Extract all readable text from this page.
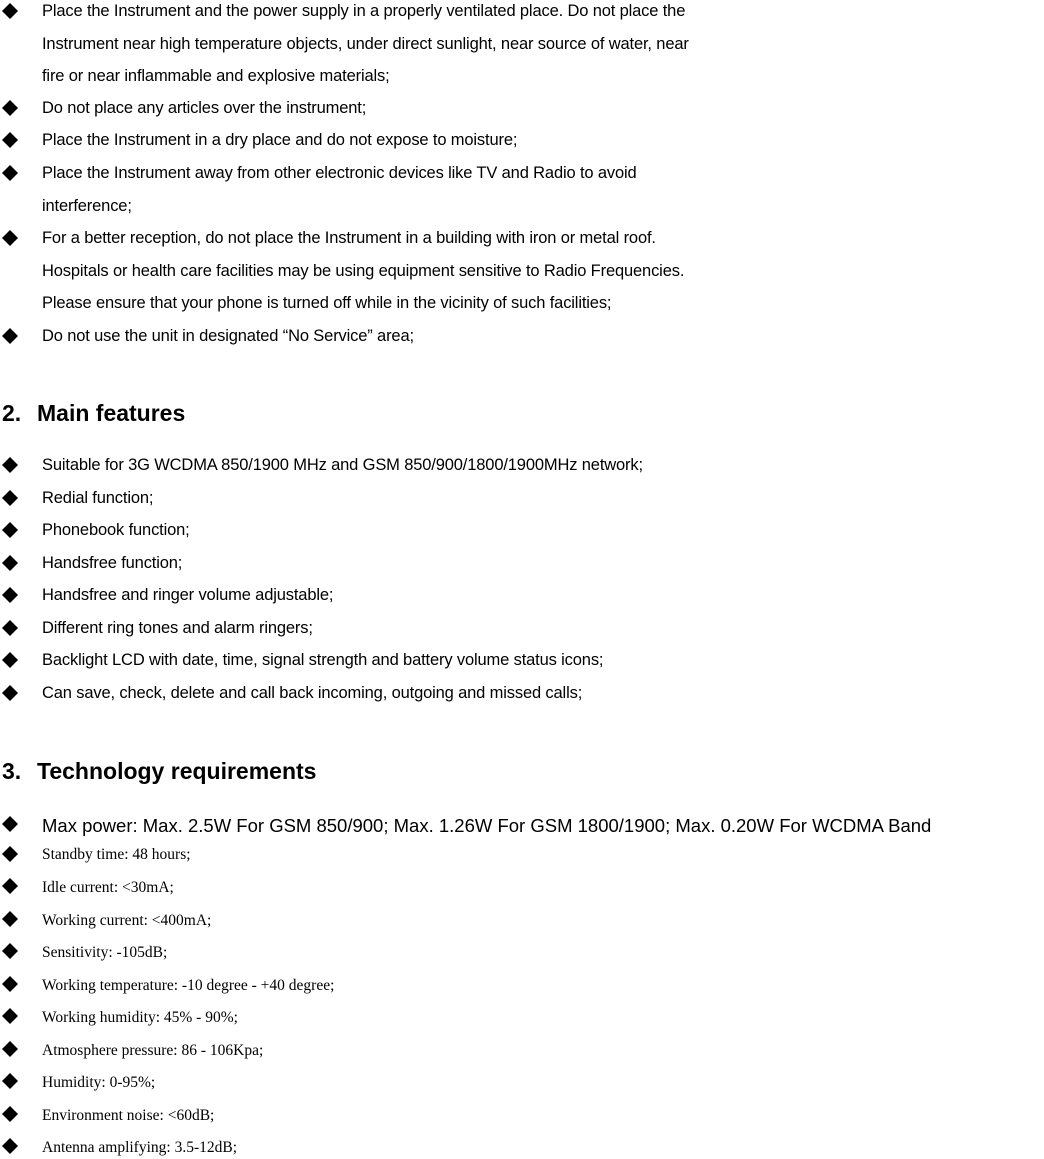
Place the Instrument and the power supply in a properly ventilated place. Do not place the
Instrument near high temperature objects, under direct sunlight, near source of water, near
fire or near inflammable and explosive materials;
Do not place any articles over the instrument;
Place the Instrument in a dry place and do not expose to moisture;
Place the Instrument away from other electronic devices like TV and Radio to avoid
interference;
For a better reception, do not place the Instrument in a building with iron or metal roof.
Hospitals or health care facilities may be using equipment sensitive to Radio Frequencies.
Please ensure that your phone is turned off while in the vicinity of such facilities;
Do not use the unit in designated “No Service” area;
2. Main features
Suitable for 3G WCDMA 850/1900 MHz and GSM 850/900/1800/1900MHz network;
Redial function;
Phonebook function;
Handsfree function;
Handsfree and ringer volume adjustable;
Different ring tones and alarm ringers;
Backlight LCD with date, time, signal strength and battery volume status icons;
Can save, check, delete and call back incoming, outgoing and missed calls;
3. Technology requirements
Max power: Max. 2.5W For GSM 850/900; Max. 1.26W For GSM 1800/1900; Max. 0.20W For WCDMA Band
Standby time: 48 hours;
Idle current: <30mA;
Working current: <400mA;
Sensitivity: -105dB;
Working temperature: -10 degree - +40 degree;
Working humidity: 45% - 90%;
Atmosphere pressure: 86 - 106Kpa;
Humidity: 0-95%;
Environment noise: <60dB;
Antenna amplifying: 3.5-12dB;
